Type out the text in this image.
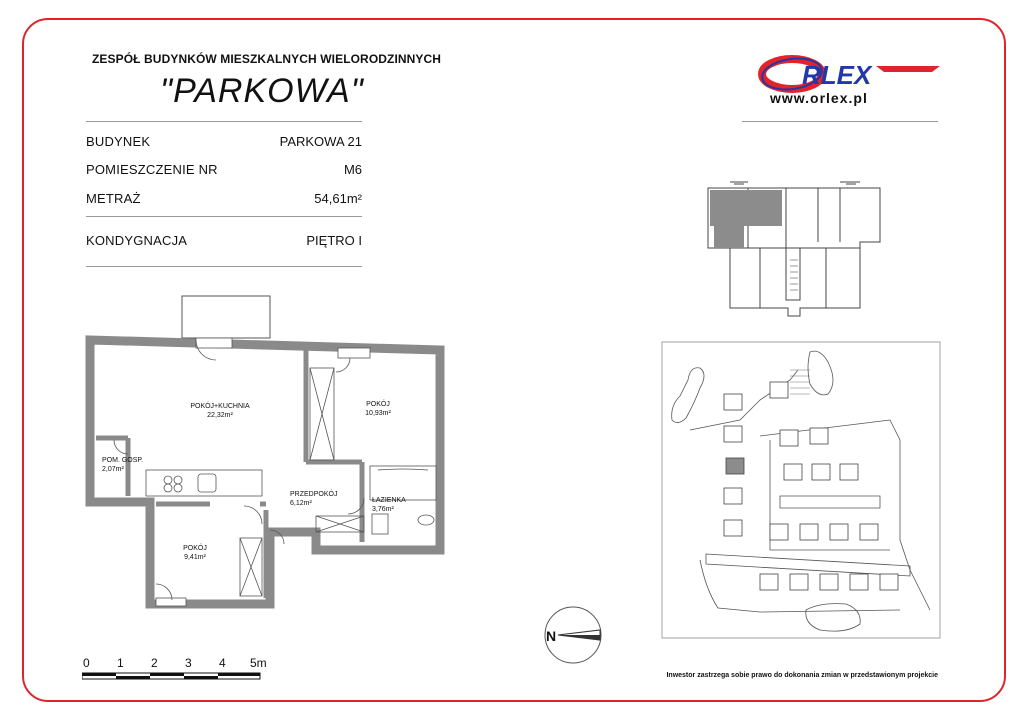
ZESPÓŁ BUDYNKÓW MIESZKALNYCH WIELORODZINNYCH
"PARKOWA"	RLEX
www.orlex.pl
BUDYNEK	PARKOWA 21
POMIESZCZENIE NR	M6
METRAŻ	54,61m²
KONDYGNACJA	PIĘTRO I
POKÓJ+KUCHNIA
22,32m²
POKÓJ
10,93m²
POM. GOSP.
2,07m²
PRZEDPOKÓJ
6,12m²	ŁAZIENKA
3,76m²
POKÓJ
9,41m²
0 1 2 3 4 5m
N
Inwestor zastrzega sobie prawo do dokonania zmian w przedstawionym projekcie
